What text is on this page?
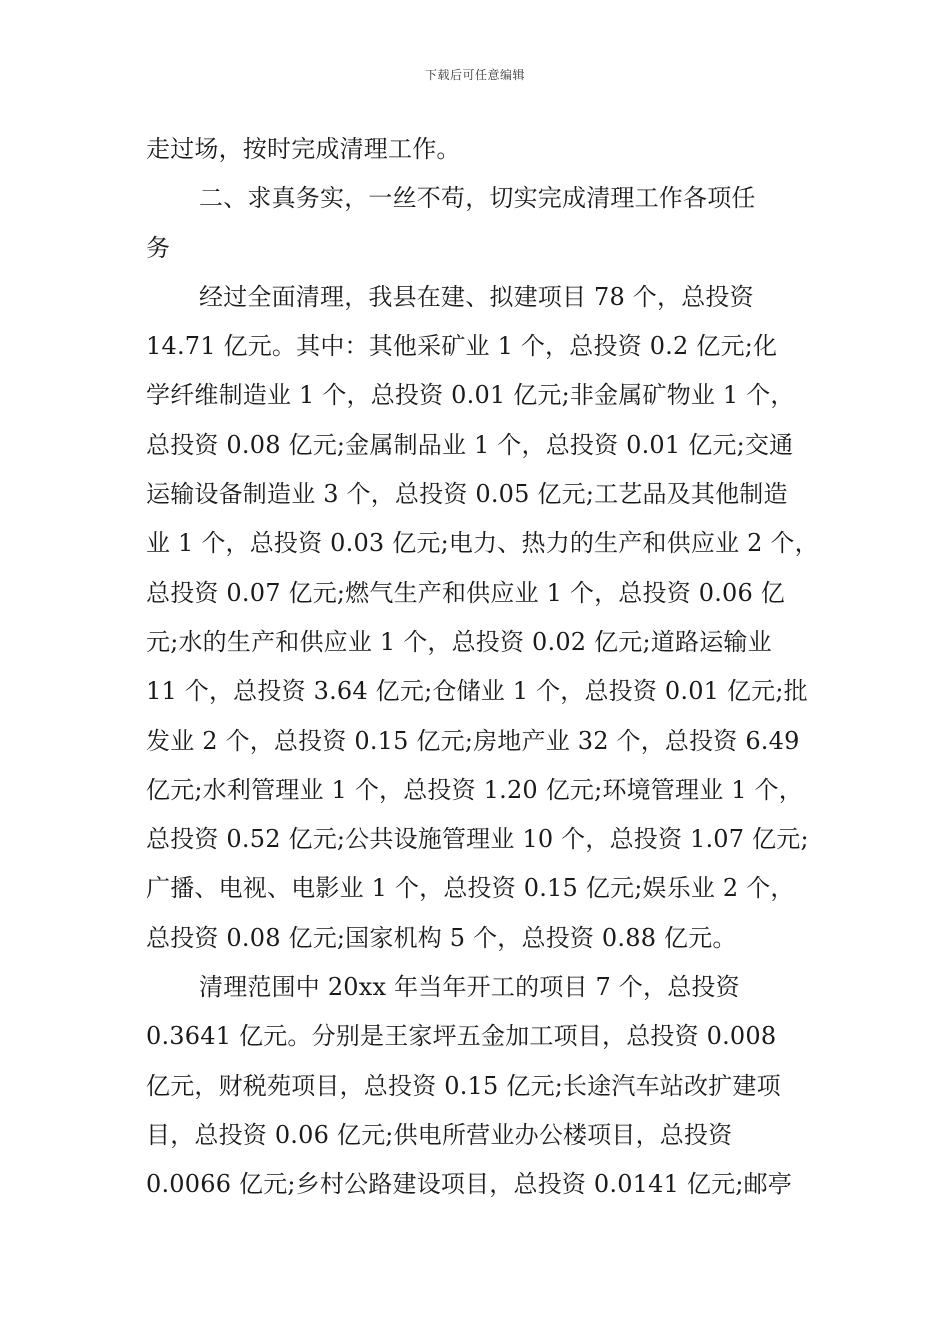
下载后可任意编辑
走过场，按时完成清理工作。
二、求真务实，一丝不苟，切实完成清理工作各项任
务
经过全面清理，我县在建、拟建项目 78 个，总投资
14.71 亿元。其中：其他采矿业 1 个，总投资 0.2 亿元;化
学纤维制造业 1 个，总投资 0.01 亿元;非金属矿物业 1 个，
总投资 0.08 亿元;金属制品业 1 个，总投资 0.01 亿元;交通
运输设备制造业 3 个，总投资 0.05 亿元;工艺品及其他制造
业 1 个，总投资 0.03 亿元;电力、热力的生产和供应业 2 个，
总投资 0.07 亿元;燃气生产和供应业 1 个，总投资 0.06 亿
元;水的生产和供应业 1 个，总投资 0.02 亿元;道路运输业
11 个，总投资 3.64 亿元;仓储业 1 个，总投资 0.01 亿元;批
发业 2 个，总投资 0.15 亿元;房地产业 32 个，总投资 6.49
亿元;水利管理业 1 个，总投资 1.20 亿元;环境管理业 1 个，
总投资 0.52 亿元;公共设施管理业 10 个，总投资 1.07 亿元;
广播、电视、电影业 1 个，总投资 0.15 亿元;娱乐业 2 个，
总投资 0.08 亿元;国家机构 5 个，总投资 0.88 亿元。
清理范围中 20xx 年当年开工的项目 7 个，总投资
0.3641 亿元。分别是王家坪五金加工项目，总投资 0.008
亿元，财税苑项目，总投资 0.15 亿元;长途汽车站改扩建项
目，总投资 0.06 亿元;供电所营业办公楼项目，总投资
0.0066 亿元;乡村公路建设项目，总投资 0.0141 亿元;邮亭
